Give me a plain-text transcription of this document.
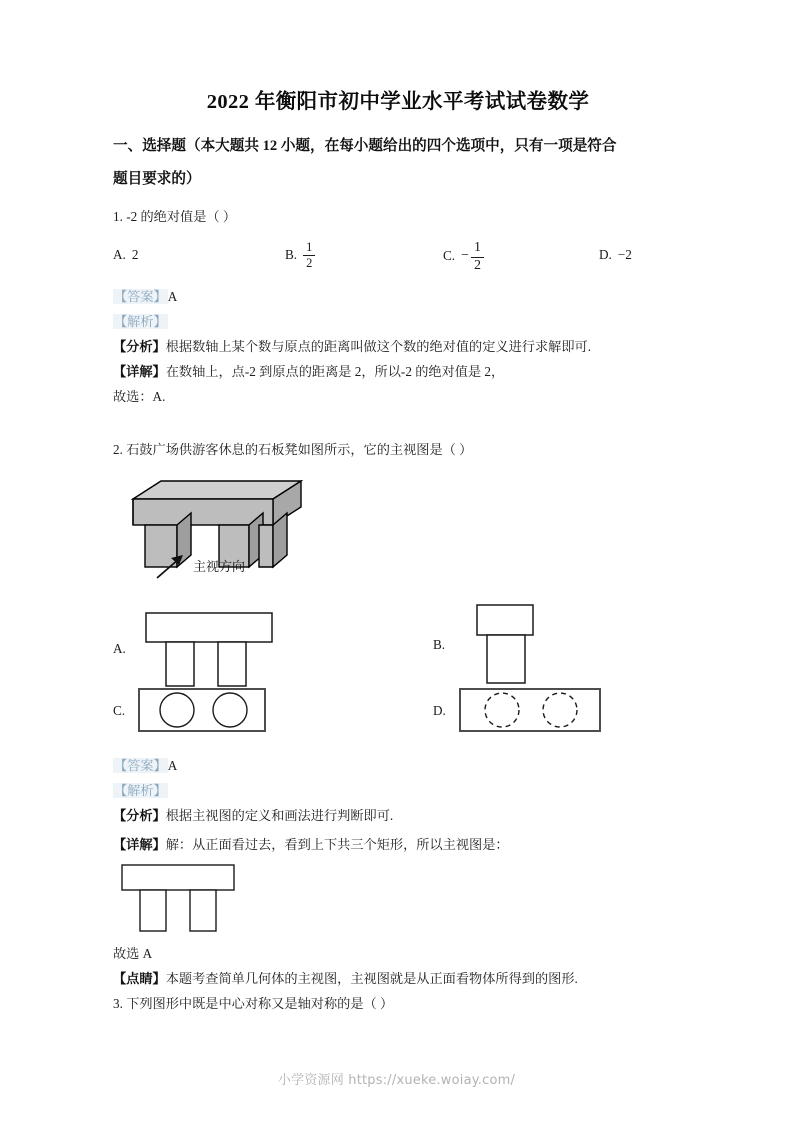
2022 年衡阳市初中学业水平考试试卷数学
一、选择题（本大题共 12 小题，在每小题给出的四个选项中，只有一项是符合
题目要求的）
1. -2 的绝对值是（ ）
A. 2	B. $\frac{1}{2}$	C. − $\frac{1}{2}$	D. −2
【答案】A
【解析】
【分析】根据数轴上某个数与原点的距离叫做这个数的绝对值的定义进行求解即可.
【详解】在数轴上，点-2 到原点的距离是 2，所以-2 的绝对值是 2，
故选：A.
2. 石鼓广场供游客休息的石板凳如图所示，它的主视图是（ ）
主视方向
A.	B.
C.	D.
【答案】A
【解析】
【分析】根据主视图的定义和画法进行判断即可.
【详解】解：从正面看过去，看到上下共三个矩形，所以主视图是：
故选 A
【点睛】本题考查简单几何体的主视图，主视图就是从正面看物体所得到的图形.
3. 下列图形中既是中心对称又是轴对称的是（ ）
小学资源网 https://xueke.woiay.com/
